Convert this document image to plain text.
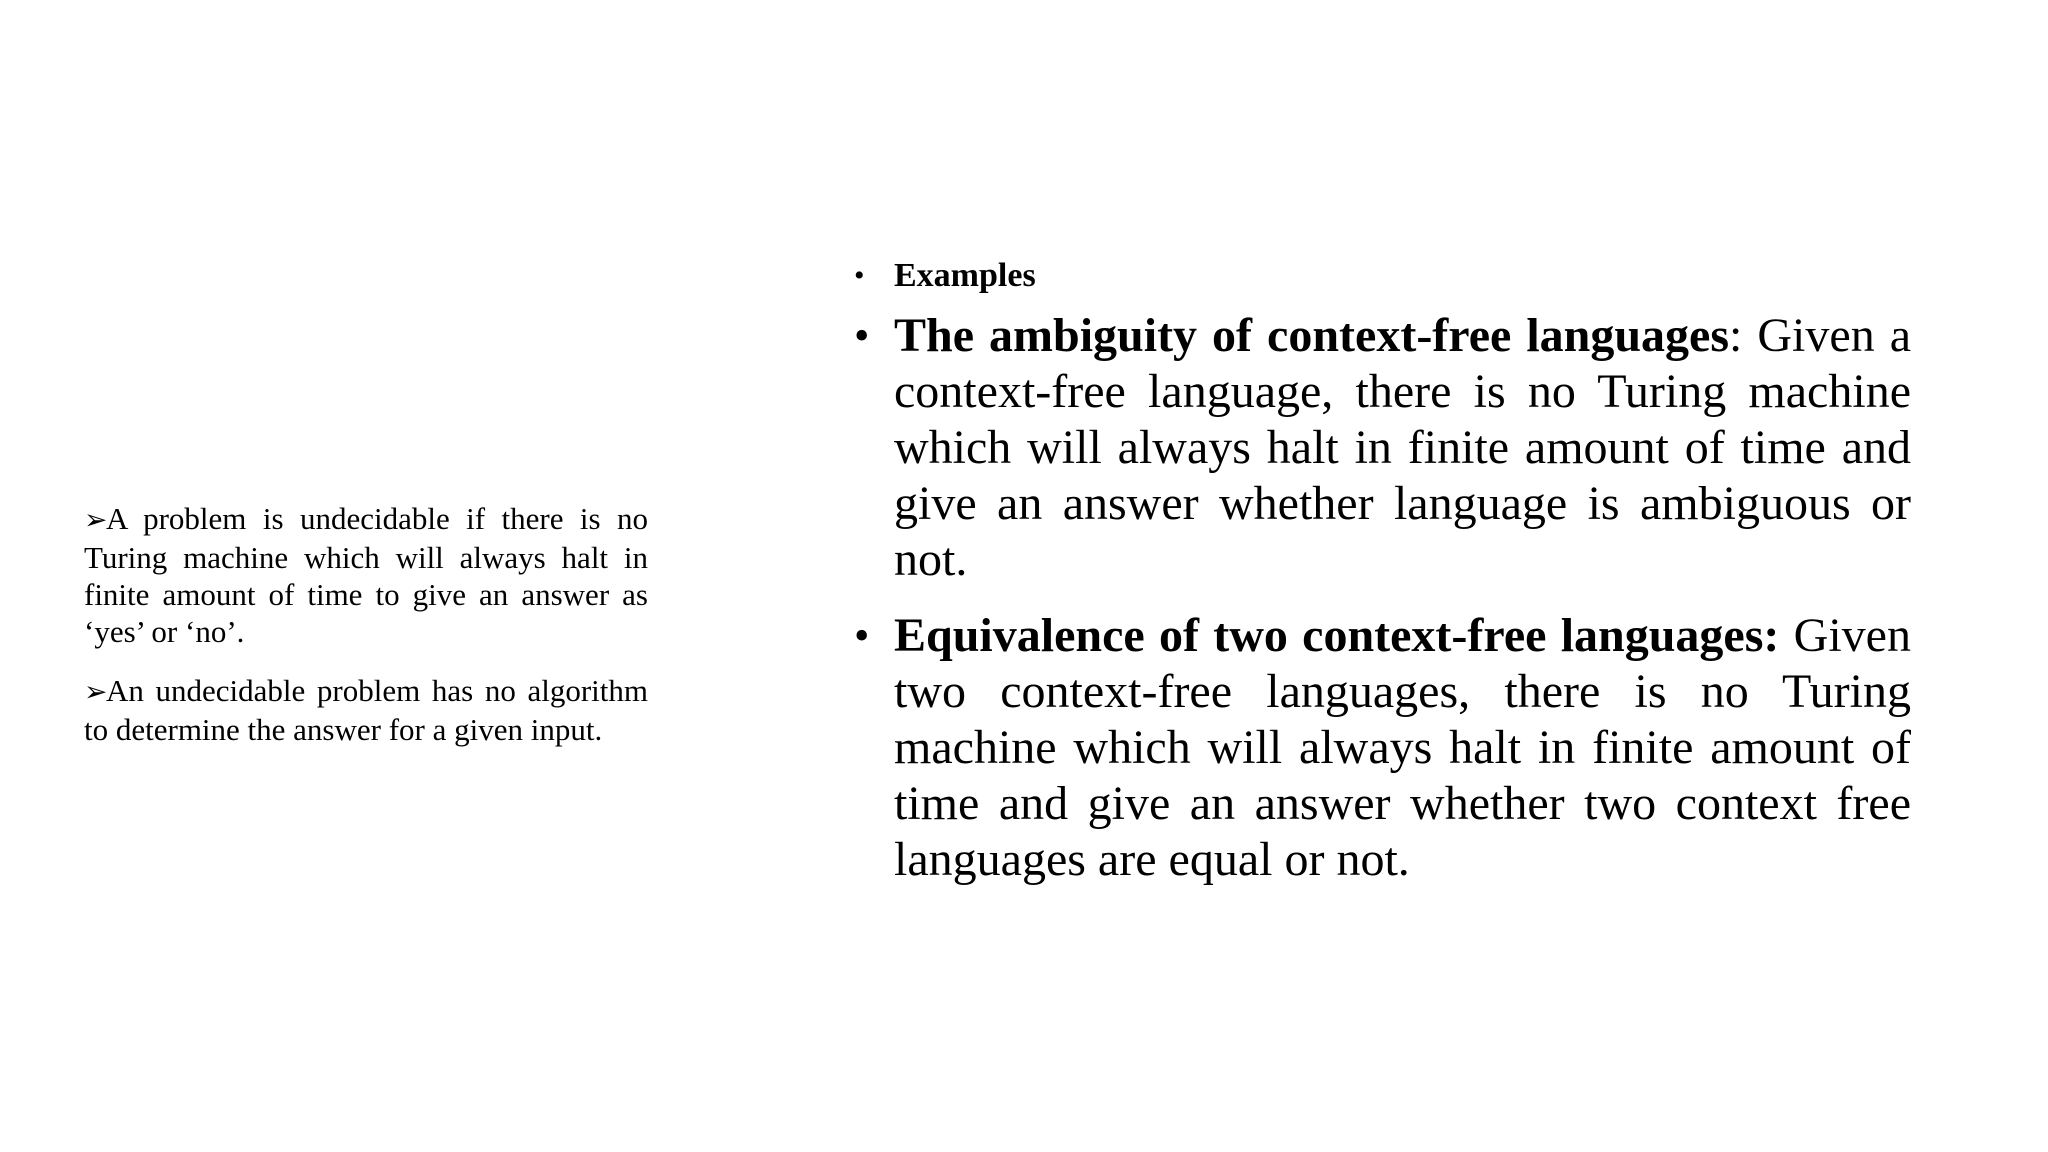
➢A problem is undecidable if there is no Turing machine which will always halt in finite amount of time to give an answer as ‘yes’ or ‘no’.

➢An undecidable problem has no algorithm to determine the answer for a given input.

• Examples
• The ambiguity of context-free languages: Given a context-free language, there is no Turing machine which will always halt in finite amount of time and give an answer whether language is ambiguous or not.
• Equivalence of two context-free languages: Given two context-free languages, there is no Turing machine which will always halt in finite amount of time and give an answer whether two context free languages are equal or not.
